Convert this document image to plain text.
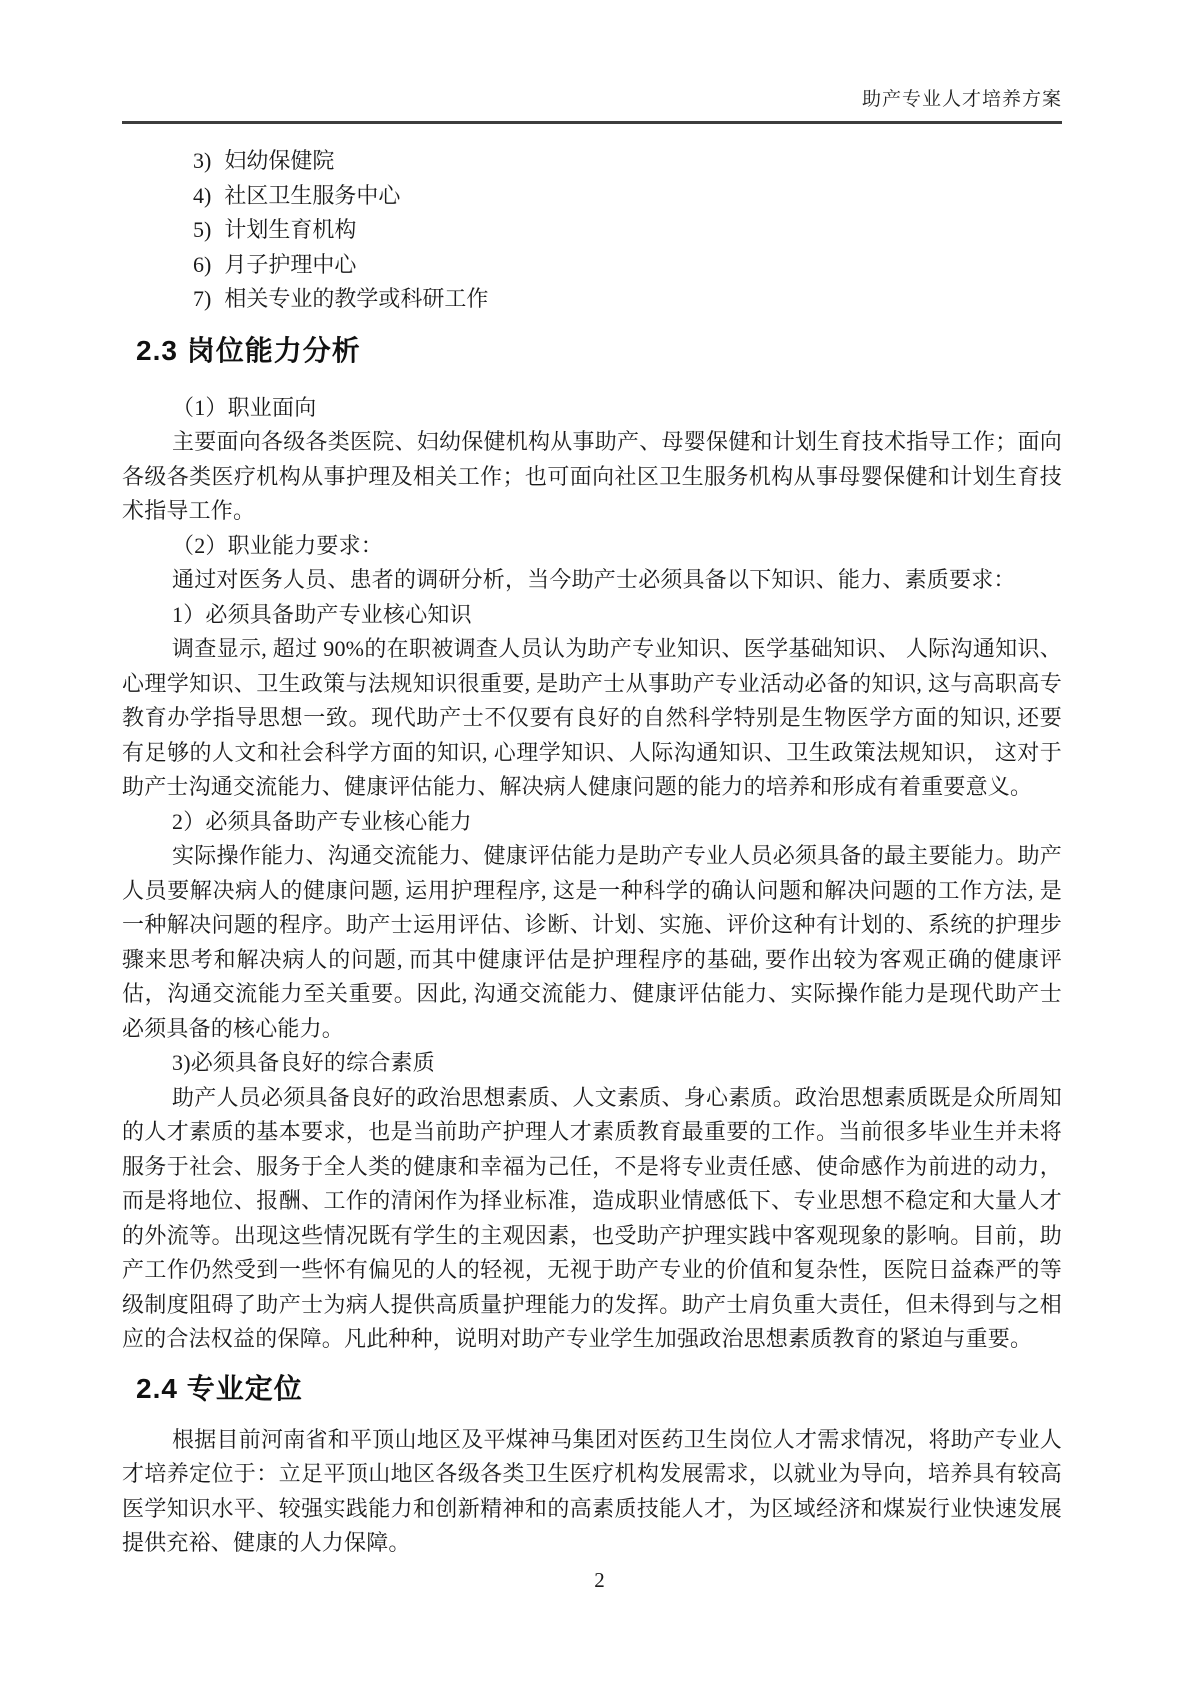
助产专业人才培养方案
3) 妇幼保健院
4) 社区卫生服务中心
5) 计划生育机构
6) 月子护理中心
7) 相关专业的教学或科研工作
2.3 岗位能力分析

（1）职业面向

主要面向各级各类医院、妇幼保健机构从事助产、母婴保健和计划生育技术指导工作；面向各级各类医疗机构从事护理及相关工作；也可面向社区卫生服务机构从事母婴保健和计划生育技术指导工作。

（2）职业能力要求：

通过对医务人员、患者的调研分析，当今助产士必须具备以下知识、能力、素质要求：

1）必须具备助产专业核心知识

调查显示, 超过 90%的在职被调查人员认为助产专业知识、医学基础知识、 人际沟通知识、心理学知识、卫生政策与法规知识很重要, 是助产士从事助产专业活动必备的知识, 这与高职高专教育办学指导思想一致。现代助产士不仅要有良好的自然科学特别是生物医学方面的知识, 还要有足够的人文和社会科学方面的知识, 心理学知识、人际沟通知识、卫生政策法规知识， 这对于助产士沟通交流能力、健康评估能力、解决病人健康问题的能力的培养和形成有着重要意义。

2）必须具备助产专业核心能力

实际操作能力、沟通交流能力、健康评估能力是助产专业人员必须具备的最主要能力。助产人员要解决病人的健康问题, 运用护理程序, 这是一种科学的确认问题和解决问题的工作方法, 是一种解决问题的程序。助产士运用评估、诊断、计划、实施、评价这种有计划的、系统的护理步骤来思考和解决病人的问题, 而其中健康评估是护理程序的基础, 要作出较为客观正确的健康评估，沟通交流能力至关重要。因此, 沟通交流能力、健康评估能力、实际操作能力是现代助产士必须具备的核心能力。

3)必须具备良好的综合素质

助产人员必须具备良好的政治思想素质、人文素质、身心素质。政治思想素质既是众所周知的人才素质的基本要求，也是当前助产护理人才素质教育最重要的工作。当前很多毕业生并未将服务于社会、服务于全人类的健康和幸福为己任，不是将专业责任感、使命感作为前进的动力，而是将地位、报酬、工作的清闲作为择业标准，造成职业情感低下、专业思想不稳定和大量人才的外流等。出现这些情况既有学生的主观因素，也受助产护理实践中客观现象的影响。目前，助产工作仍然受到一些怀有偏见的人的轻视，无视于助产专业的价值和复杂性，医院日益森严的等级制度阻碍了助产士为病人提供高质量护理能力的发挥。助产士肩负重大责任，但未得到与之相应的合法权益的保障。凡此种种，说明对助产专业学生加强政治思想素质教育的紧迫与重要。

2.4 专业定位

根据目前河南省和平顶山地区及平煤神马集团对医药卫生岗位人才需求情况，将助产专业人才培养定位于：立足平顶山地区各级各类卫生医疗机构发展需求，以就业为导向，培养具有较高医学知识水平、较强实践能力和创新精神和的高素质技能人才，为区域经济和煤炭行业快速发展提供充裕、健康的人力保障。

2
